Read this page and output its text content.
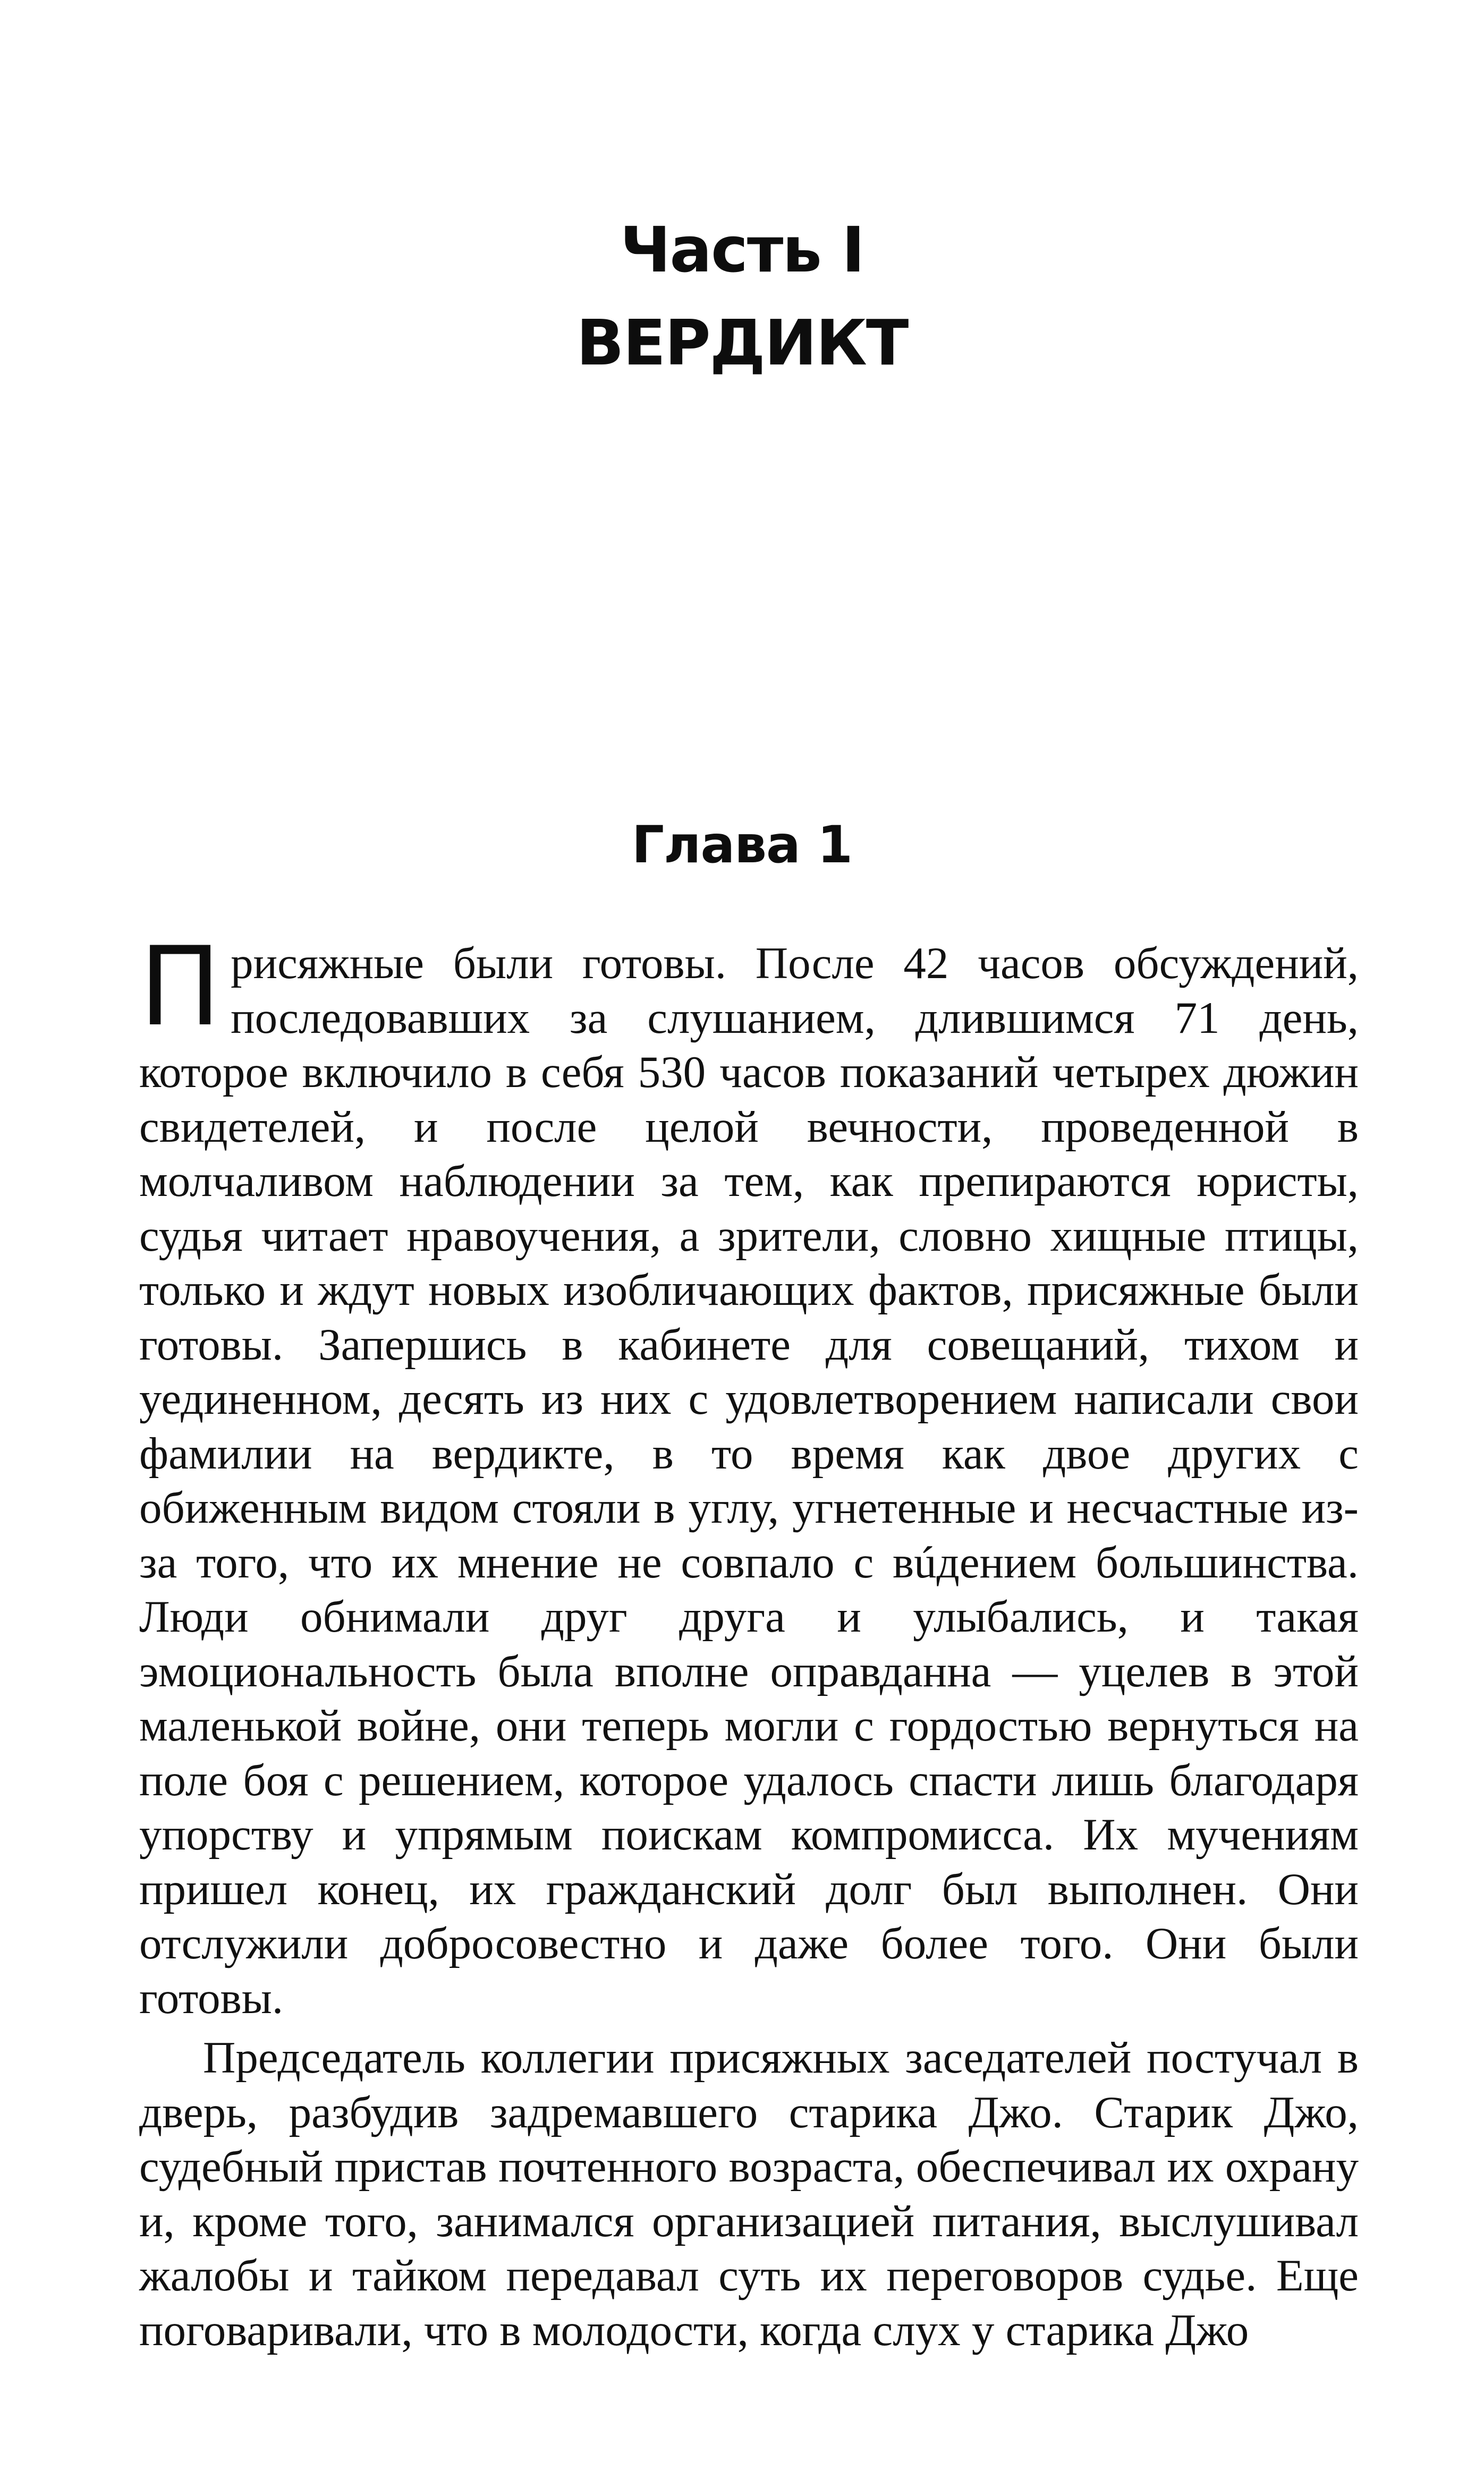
Часть I
ВЕРДИКТ
Глава 1

Присяжные были готовы. После 42 часов обсуждений, последовавших за слушанием, длившимся 71 день, которое включило в себя 530 часов показаний четырех дюжин свидетелей, и после целой вечности, проведенной в молчаливом наблюдении за тем, как препираются юристы, судья читает нравоучения, а зрители, словно хищные птицы, только и ждут новых изобличающих фактов, присяжные были готовы. Запершись в кабинете для совещаний, тихом и уединенном, десять из них с удовлетворением написали свои фамилии на вердикте, в то время как двое других с обиженным видом стояли в углу, угнетенные и несчастные из-за того, что их мнение не совпало с вúдением большинства. Люди обнимали друг друга и улыбались, и такая эмоциональность была вполне оправданна — уцелев в этой маленькой войне, они теперь могли с гордостью вернуться на поле боя с решением, которое удалось спасти лишь благодаря упорству и упрямым поискам компромисса. Их мучениям пришел конец, их гражданский долг был выполнен. Они отслужили добросовестно и даже более того. Они были готовы.

Председатель коллегии присяжных заседателей постучал в дверь, разбудив задремавшего старика Джо. Старик Джо, судебный пристав почтенного возраста, обеспечивал их охрану и, кроме того, занимался организацией питания, выслушивал жалобы и тайком передавал суть их переговоров судье. Еще поговаривали, что в молодости, когда слух у старика Джо
